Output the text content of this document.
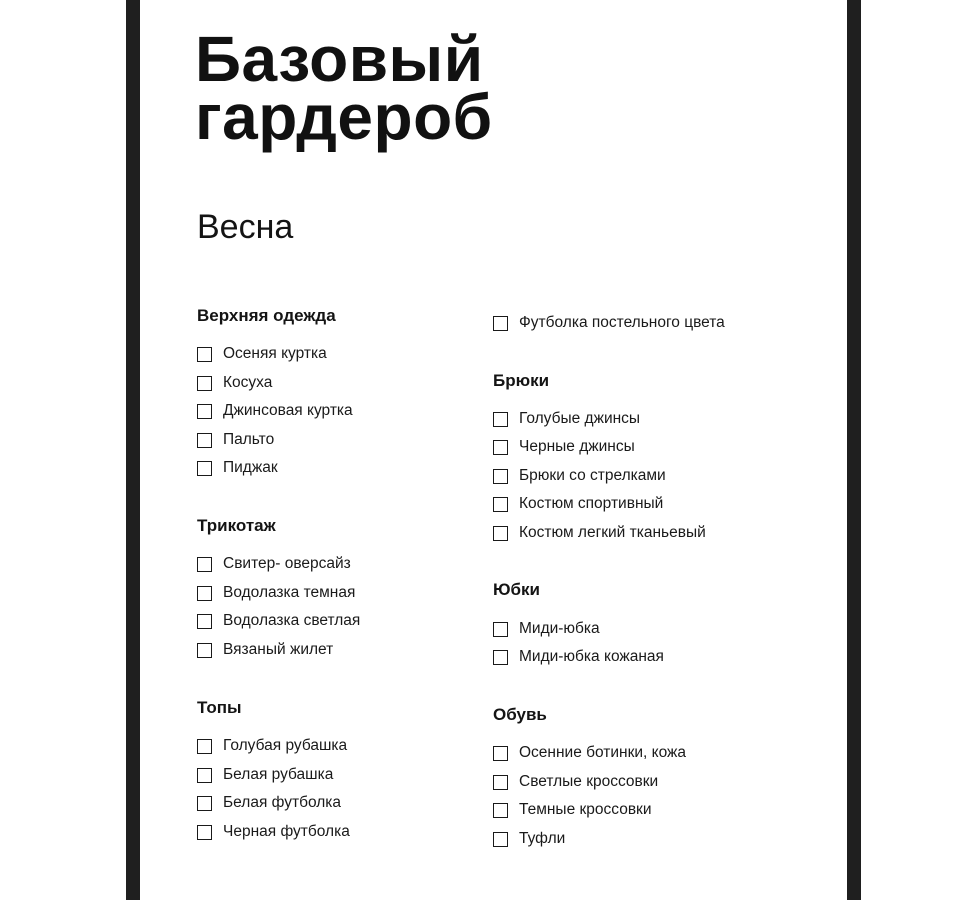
Базовый
гардероб
Весна
Верхняя одежда
Осеняя куртка
Косуха
Джинсовая куртка
Пальто
Пиджак
Трикотаж
Свитер- оверсайз
Водолазка темная
Водолазка светлая
Вязаный жилет
Топы
Голубая рубашка
Белая рубашка
Белая футболка
Черная футболка
Футболка постельного цвета
Брюки
Голубые джинсы
Черные джинсы
Брюки со стрелками
Костюм спортивный
Костюм легкий тканьевый
Юбки
Миди-юбка
Миди-юбка кожаная
Обувь
Осенние ботинки, кожа
Светлые кроссовки
Темные кроссовки
Туфли
